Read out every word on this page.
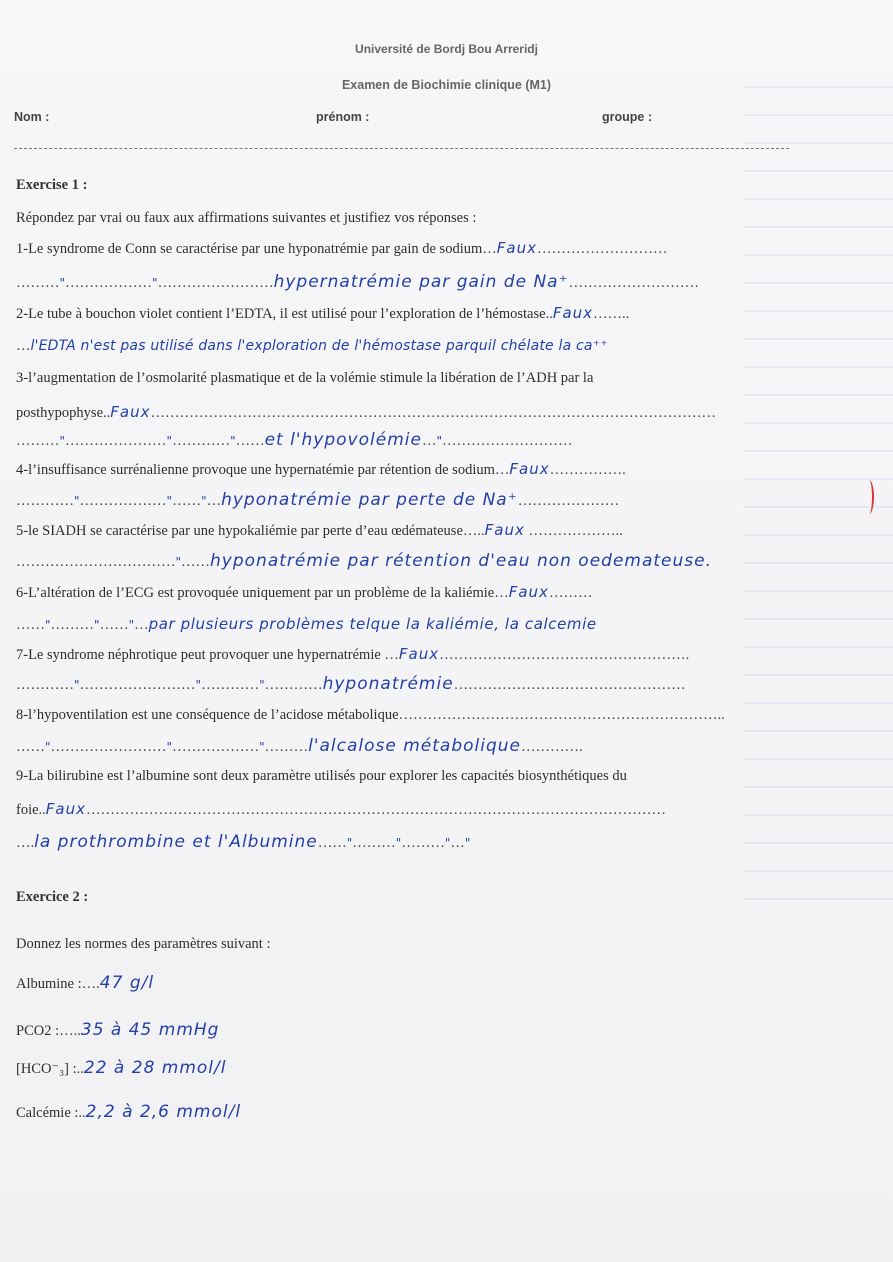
Université de Bordj Bou Arreridj
Examen de Biochimie clinique (M1)
Nom :	prénom :	groupe :
Exercise 1 :
Répondez par vrai ou faux aux affirmations suivantes et justifiez vos réponses :
1-Le syndrome de Conn se caractérise par une hyponatrémie par gain de sodium…Faux………………………
………"………………"……………………hypernatrémie par gain de Na⁺………………………
2-Le tube à bouchon violet contient l’EDTA, il est utilisé pour l’exploration de l’hémostase..Faux……..
…l'EDTA n'est pas utilisé dans l'exploration de l'hémostase parquil chélate la ca⁺⁺
3-l’augmentation de l’osmolarité plasmatique et de la volémie stimule la libération de l’ADH par la
posthypophyse..Faux………………………………………………………………………………………………………
………"…………………"…………"……et l'hypovolémie…"………………………
4-l’insuffisance surrénalienne provoque une hypernatémie par rétention de sodium…Faux…………….
…………"………………"……"…hyponatrémie par perte de Na⁺…………………
5-le SIADH se caractérise par une hypokaliémie par perte d’eau œdémateuse…..Faux ………………..
……………………………"……hyponatrémie par rétention d'eau non oedemateuse.
6-L’altération de l’ECG est provoquée uniquement par un problème de la kaliémie…Faux………
……"………"……"…par plusieurs problèmes telque la kaliémie, la calcemie
7-Le syndrome néphrotique peut provoquer une hypernatrémie …Faux…………………………………………….
…………"……………………"…………"…………hyponatrémie…………………………………………
8-l’hypoventilation est une conséquence de l’acidose métabolique…………………………………………………………..
……"……………………"………………"………l'alcalose métabolique………….
9-La bilirubine est l’albumine sont deux paramètre utilisés pour explorer les capacités biosynthétiques du
foie..Faux…………………………………………………………………………………………………………
….la prothrombine et l'Albumine……"………"………"…"
Exercice 2 :
Donnez les normes des paramètres suivant :
Albumine :….47 g/l
PCO2 :…..35 à 45 mmHg
[HCO⁻₃] :..22 à 28 mmol/l
Calcémie :..2,2 à 2,6 mmol/l
